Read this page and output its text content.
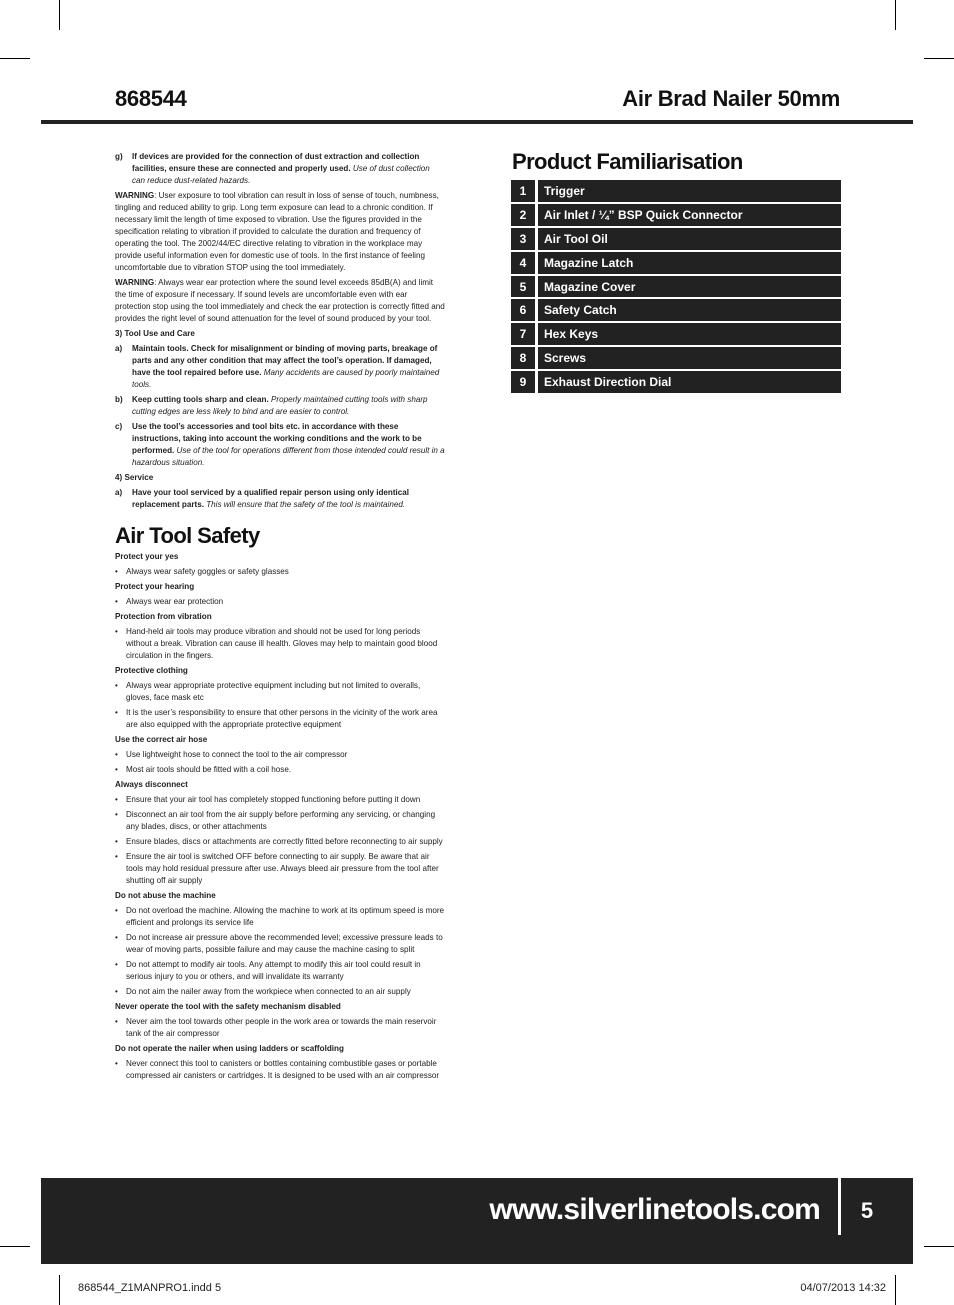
868544	Air Brad Nailer 50mm
g) If devices are provided for the connection of dust extraction and collection facilities, ensure these are connected and properly used. Use of dust collection can reduce dust-related hazards.
WARNING: User exposure to tool vibration can result in loss of sense of touch, numbness, tingling and reduced ability to grip. Long term exposure can lead to a chronic condition. If necessary limit the length of time exposed to vibration. Use the figures provided in the specification relating to vibration if provided to calculate the duration and frequency of operating the tool. The 2002/44/EC directive relating to vibration in the workplace may provide useful information even for domestic use of tools. In the first instance of feeling uncomfortable due to vibration STOP using the tool immediately.
WARNING: Always wear ear protection where the sound level exceeds 85dB(A) and limit the time of exposure if necessary. If sound levels are uncomfortable even with ear protection stop using the tool immediately and check the ear protection is correctly fitted and provides the right level of sound attenuation for the level of sound produced by your tool.
3) Tool Use and Care
a) Maintain tools. Check for misalignment or binding of moving parts, breakage of parts and any other condition that may affect the tool’s operation. If damaged, have the tool repaired before use. Many accidents are caused by poorly maintained tools.
b) Keep cutting tools sharp and clean. Properly maintained cutting tools with sharp cutting edges are less likely to bind and are easier to control.
c) Use the tool’s accessories and tool bits etc. in accordance with these instructions, taking into account the working conditions and the work to be performed. Use of the tool for operations different from those intended could result in a hazardous situation.
4) Service
a) Have your tool serviced by a qualified repair person using only identical replacement parts. This will ensure that the safety of the tool is maintained.
Air Tool Safety
Protect your yes
• Always wear safety goggles or safety glasses
Protect your hearing
• Always wear ear protection
Protection from vibration
• Hand-held air tools may produce vibration and should not be used for long periods without a break. Vibration can cause ill health. Gloves may help to maintain good blood circulation in the fingers.
Protective clothing
• Always wear appropriate protective equipment including but not limited to overalls, gloves, face mask etc
• It is the user’s responsibility to ensure that other persons in the vicinity of the work area are also equipped with the appropriate protective equipment
Use the correct air hose
• Use lightweight hose to connect the tool to the air compressor
• Most air tools should be fitted with a coil hose.
Always disconnect
• Ensure that your air tool has completely stopped functioning before putting it down
• Disconnect an air tool from the air supply before performing any servicing, or changing any blades, discs, or other attachments
• Ensure blades, discs or attachments are correctly fitted before reconnecting to air supply
• Ensure the air tool is switched OFF before connecting to air supply. Be aware that air tools may hold residual pressure after use. Always bleed air pressure from the tool after shutting off air supply
Do not abuse the machine
• Do not overload the machine. Allowing the machine to work at its optimum speed is more efficient and prolongs its service life
• Do not increase air pressure above the recommended level; excessive pressure leads to wear of moving parts, possible failure and may cause the machine casing to split
• Do not attempt to modify air tools. Any attempt to modify this air tool could result in serious injury to you or others, and will invalidate its warranty
• Do not aim the nailer away from the workpiece when connected to an air supply
Never operate the tool with the safety mechanism disabled
• Never aim the tool towards other people in the work area or towards the main reservoir tank of the air compressor
Do not operate the nailer when using ladders or scaffolding
• Never connect this tool to canisters or bottles containing combustible gases or portable compressed air canisters or cartridges. It is designed to be used with an air compressor
Product Familiarisation
1	Trigger
2	Air Inlet / ¼” BSP Quick Connector
3	Air Tool Oil
4	Magazine Latch
5	Magazine Cover
6	Safety Catch
7	Hex Keys
8	Screws
9	Exhaust Direction Dial
www.silverlinetools.com	5
868544_Z1MANPRO1.indd 5	04/07/2013 14:32
